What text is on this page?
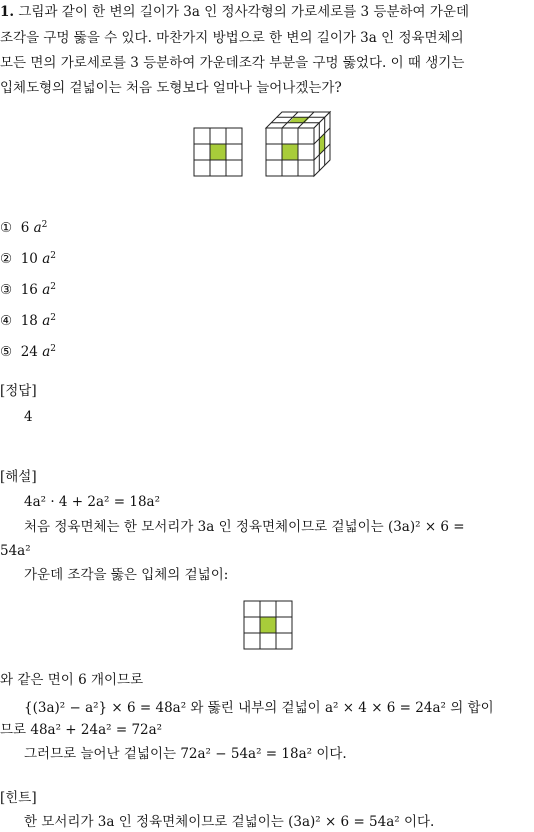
1. 그림과 같이 한 변의 길이가 3a 인 정사각형의 가로세로를 3 등분하여 가운데
조각을 구멍 뚫을 수 있다. 마찬가지 방법으로 한 변의 길이가 3a 인 정육면체의
모든 면의 가로세로를 3 등분하여 가운데조각 부분을 구멍 뚫었다. 이 때 생기는
입체도형의 겉넓이는 처음 도형보다 얼마나 늘어나겠는가?
① 6 $a^2$
② 10 $a^2$
③ 16 $a^2$
④ 18 $a^2$
⑤ 24 $a^2$
[정답]
4
[해설]
4a² · 4 + 2a² = 18a²
처음 정육면체는 한 모서리가 3a 인 정육면체이므로 겉넓이는 (3a)² × 6 =
54a²
가운데 조각을 뚫은 입체의 겉넓이:
와 같은 면이 6 개이므로
{(3a)² − a²} × 6 = 48a² 와 뚫린 내부의 겉넓이 a² × 4 × 6 = 24a² 의 합이
므로 48a² + 24a² = 72a²
그러므로 늘어난 겉넓이는 72a² − 54a² = 18a² 이다.
[힌트]
한 모서리가 3a 인 정육면체이므로 겉넓이는 (3a)² × 6 = 54a² 이다.
